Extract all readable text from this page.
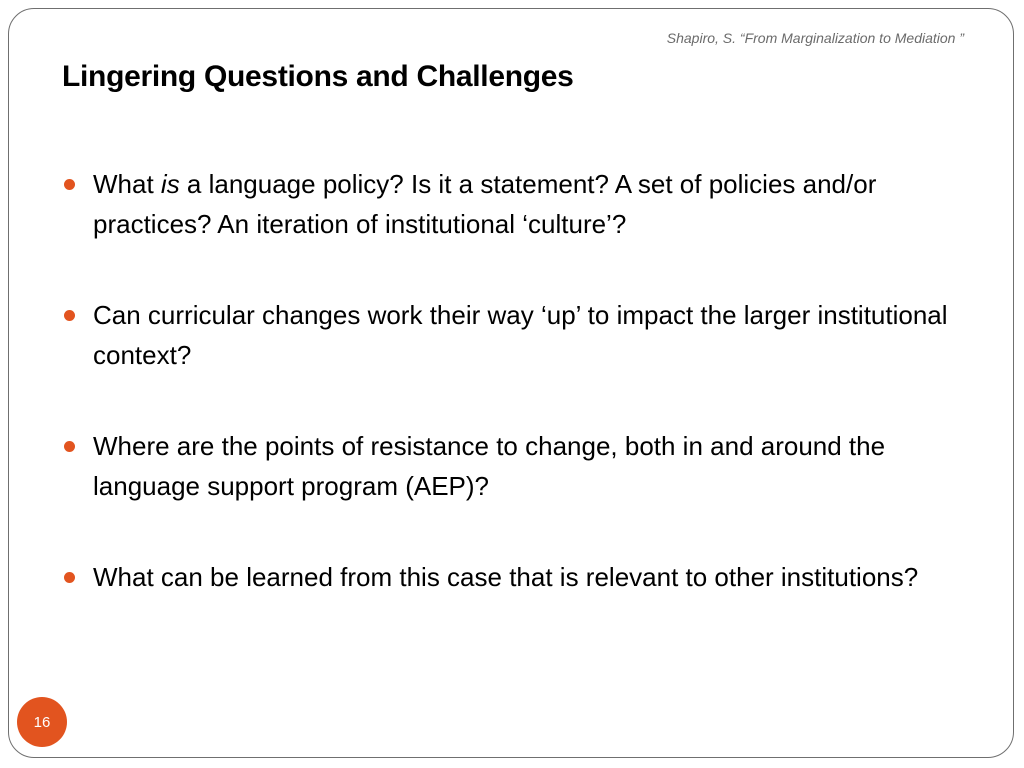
Shapiro, S. “From Marginalization to Mediation ”
Lingering Questions and Challenges
What is a language policy? Is it a statement? A set of policies and/or practices? An iteration of institutional ‘culture’?
Can curricular changes work their way ‘up’ to impact the larger institutional context?
Where are the points of resistance to change, both in and around the language support program (AEP)?
What can be learned from this case that is relevant to other institutions?
16
